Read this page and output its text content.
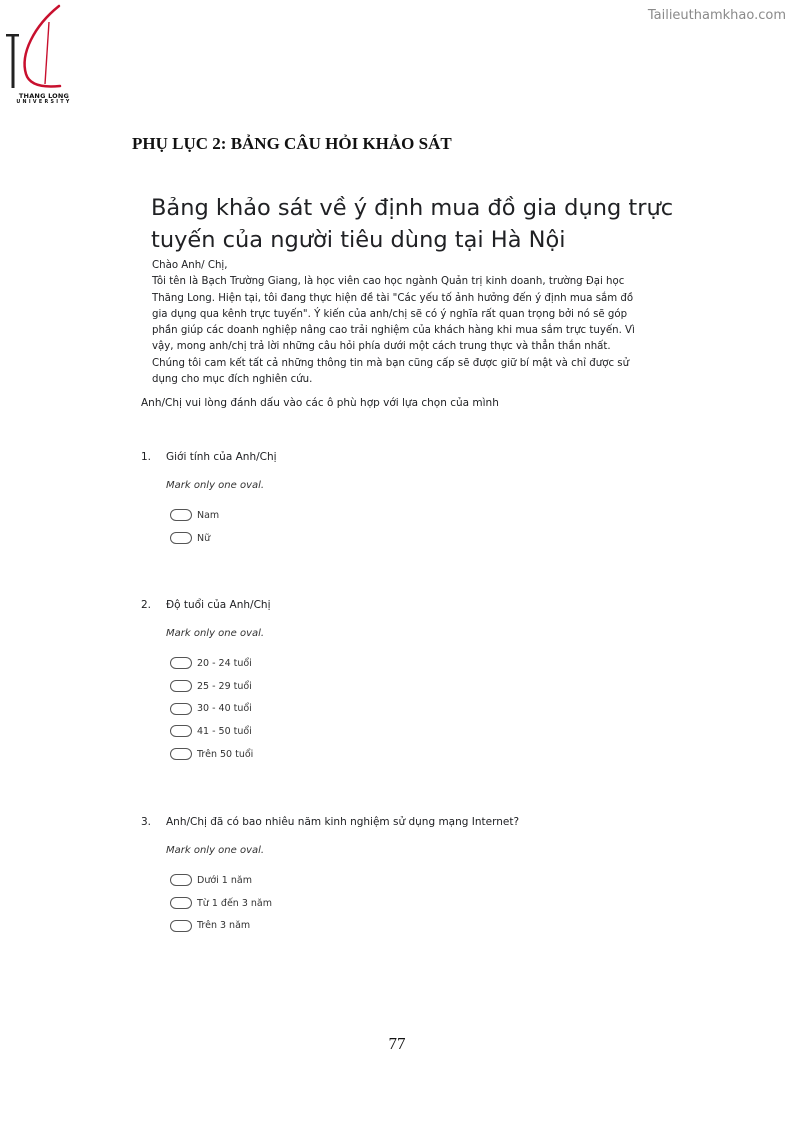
Tailieuthamkhao.com
THANG LONG
UNIVERSITY
PHỤ LỤC 2: BẢNG CÂU HỎI KHẢO SÁT
Bảng khảo sát về ý định mua đồ gia dụng trực
tuyến của người tiêu dùng tại Hà Nội

Chào Anh/ Chị,

Tôi tên là Bạch Trường Giang, là học viên cao học ngành Quản trị kinh doanh, trường Đại học Thăng Long. Hiện tại, tôi đang thực hiện đề tài "Các yếu tố ảnh hưởng đến ý định mua sắm đồ gia dụng qua kênh trực tuyến". Ý kiến của anh/chị sẽ có ý nghĩa rất quan trọng bởi nó sẽ góp phần giúp các doanh nghiệp nâng cao trải nghiệm của khách hàng khi mua sắm trực tuyến. Vì vậy, mong anh/chị trả lời những câu hỏi phía dưới một cách trung thực và thẳn thắn nhất. Chúng tôi cam kết tất cả những thông tin mà bạn cũng cấp sẽ được giữ bí mật và chỉ được sử dụng cho mục đích nghiên cứu.

Anh/Chị vui lòng đánh dấu vào các ô phù hợp với lựa chọn của mình
1. Giới tính của Anh/Chị
Mark only one oval.
Nam
Nữ
2. Độ tuổi của Anh/Chị
Mark only one oval.
20 - 24 tuổi
25 - 29 tuổi
30 - 40 tuổi
41 - 50 tuổi
Trên 50 tuổi
3. Anh/Chị đã có bao nhiêu năm kinh nghiệm sử dụng mạng Internet?
Mark only one oval.
Dưới 1 năm
Từ 1 đến 3 năm
Trên 3 năm
77
